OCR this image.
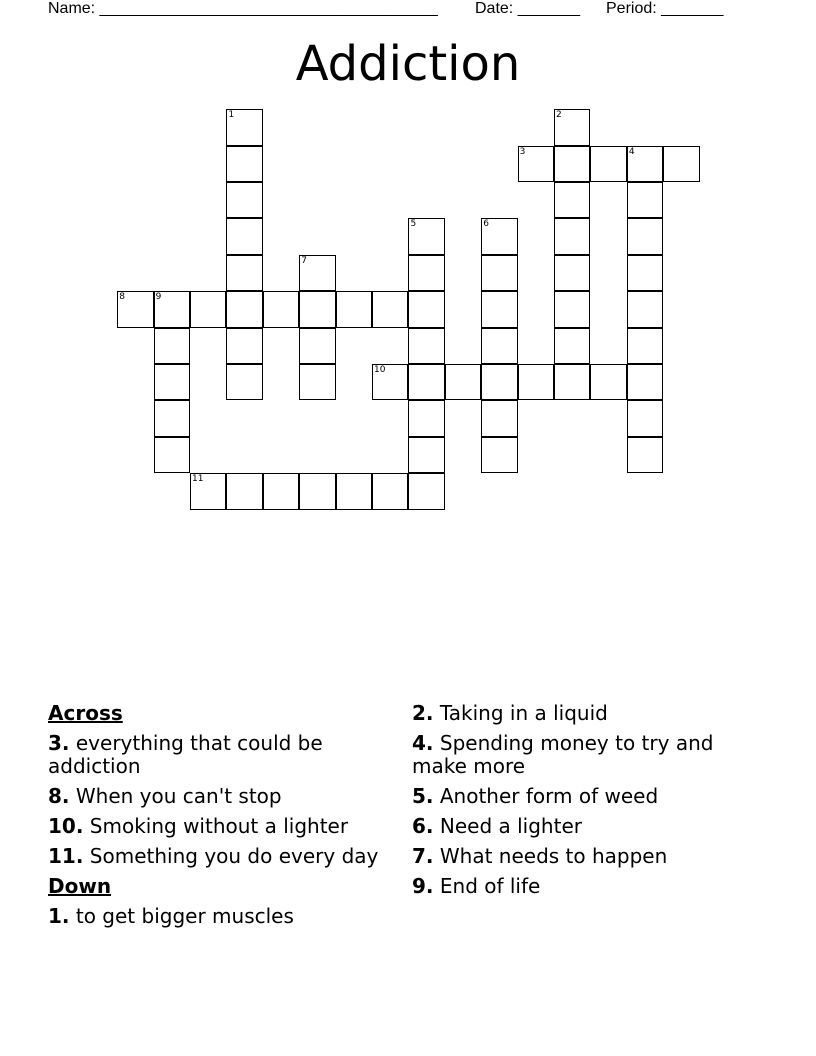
Name: ______________________________________ Date: _______ Period: _______
Addiction
1	2
3	4
5	6
7
8	9
10
11
Across
3. everything that could be addiction
8. When you can't stop
10. Smoking without a lighter
11. Something you do every day
Down
1. to get bigger muscles
2. Taking in a liquid
4. Spending money to try and make more
5. Another form of weed
6. Need a lighter
7. What needs to happen
9. End of life
